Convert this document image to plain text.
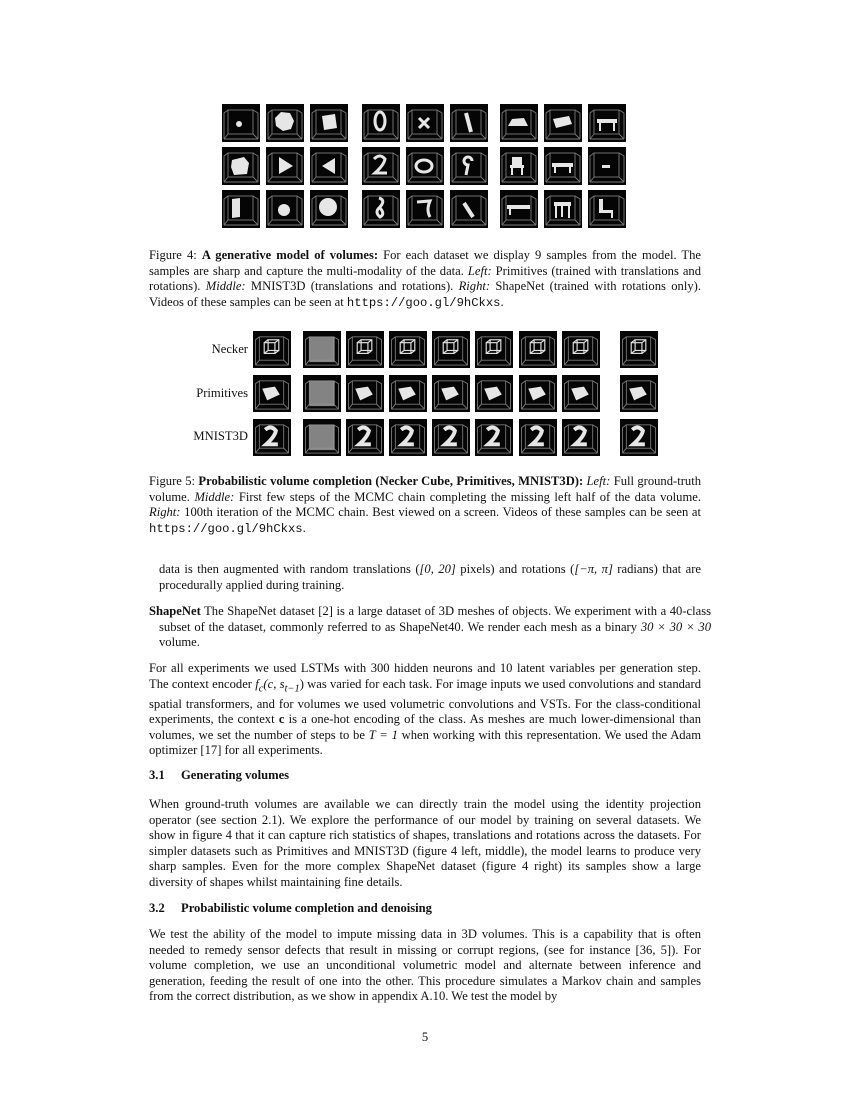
Figure 4: A generative model of volumes: For each dataset we display 9 samples from the model. The samples are sharp and capture the multi-modality of the data. Left: Primitives (trained with translations and rotations). Middle: MNIST3D (translations and rotations). Right: ShapeNet (trained with rotations only). Videos of these samples can be seen at https://goo.gl/9hCkxs.
Necker
Primitives
MNIST3D
Figure 5: Probabilistic volume completion (Necker Cube, Primitives, MNIST3D): Left: Full ground-truth volume. Middle: First few steps of the MCMC chain completing the missing left half of the data volume. Right: 100th iteration of the MCMC chain. Best viewed on a screen. Videos of these samples can be seen at https://goo.gl/9hCkxs.
data is then augmented with random translations ([0, 20] pixels) and rotations ([−π, π] radians) that are procedurally applied during training.
ShapeNet The ShapeNet dataset [2] is a large dataset of 3D meshes of objects. We experiment with a 40-class subset of the dataset, commonly referred to as ShapeNet40. We render each mesh as a binary 30 × 30 × 30 volume.
For all experiments we used LSTMs with 300 hidden neurons and 10 latent variables per generation step. The context encoder $f_c(c$, $s_{t-1}$) was varied for each task. For image inputs we used convolutions and standard spatial transformers, and for volumes we used volumetric convolutions and VSTs. For the class-conditional experiments, the context c is a one-hot encoding of the class. As meshes are much lower-dimensional than volumes, we set the number of steps to be T = 1 when working with this representation. We used the Adam optimizer [17] for all experiments.
3.1 Generating volumes
When ground-truth volumes are available we can directly train the model using the identity projection operator (see section 2.1). We explore the performance of our model by training on several datasets. We show in figure 4 that it can capture rich statistics of shapes, translations and rotations across the datasets. For simpler datasets such as Primitives and MNIST3D (figure 4 left, middle), the model learns to produce very sharp samples. Even for the more complex ShapeNet dataset (figure 4 right) its samples show a large diversity of shapes whilst maintaining fine details.
3.2 Probabilistic volume completion and denoising
We test the ability of the model to impute missing data in 3D volumes. This is a capability that is often needed to remedy sensor defects that result in missing or corrupt regions, (see for instance [36, 5]). For volume completion, we use an unconditional volumetric model and alternate between inference and generation, feeding the result of one into the other. This procedure simulates a Markov chain and samples from the correct distribution, as we show in appendix A.10. We test the model by
5
